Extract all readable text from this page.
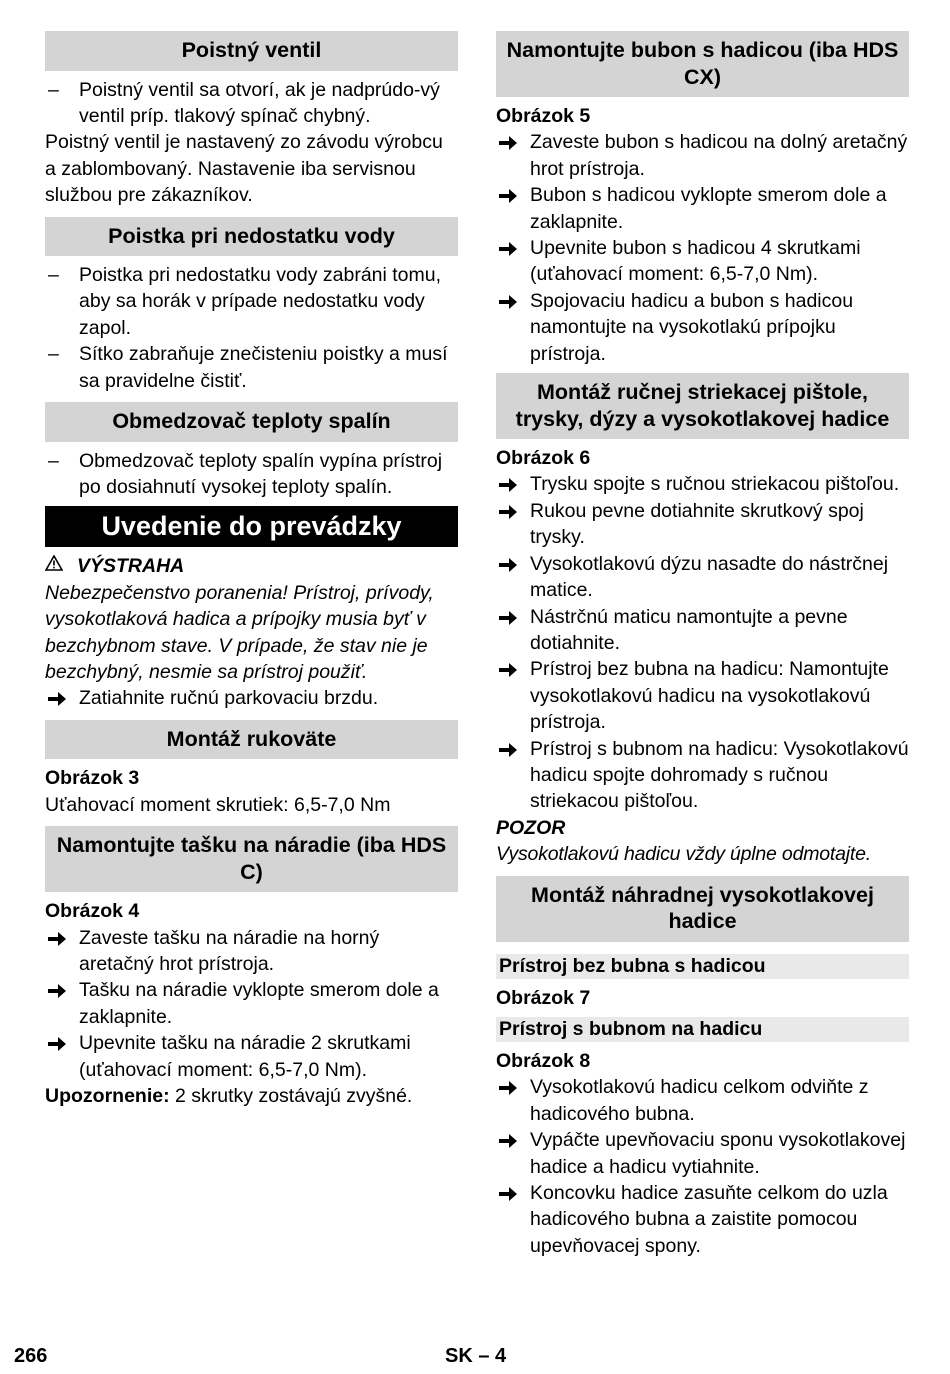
Poistný ventil
–	Poistný ventil sa otvorí, ak je nadprúdo-vý ventil príp. tlakový spínač chybný.

Poistný ventil je nastavený zo závodu výrobcu a zablombovaný. Nastavenie iba servisnou službou pre zákazníkov.

Poistka pri nedostatku vody
–	Poistka pri nedostatku vody zabráni tomu, aby sa horák v prípade nedostatku vody zapol.
–	Sítko zabraňuje znečisteniu poistky a musí sa pravidelne čistiť.
Obmedzovač teploty spalín
–	Obmedzovač teploty spalín vypína prístroj po dosiahnutí vysokej teploty spalín.
Uvedenie do prevádzky
VÝSTRAHA

Nebezpečenstvo poranenia! Prístroj, prívody, vysokotlaková hadica a prípojky musia byť v bezchybnom stave. V prípade, že stav nie je bezchybný, nesmie sa prístroj použiť.

Zatiahnite ručnú parkovaciu brzdu.
Montáž rukoväte

Obrázok 3

Uťahovací moment skrutiek: 6,5-7,0 Nm

Namontujte tašku na náradie (iba HDS C)

Obrázok 4

Zaveste tašku na náradie na horný aretačný hrot prístroja.
Tašku na náradie vyklopte smerom dole a zaklapnite.
Upevnite tašku na náradie 2 skrutkami (uťahovací moment: 6,5-7,0 Nm).

Upozornenie: 2 skrutky zostávajú zvyšné.

Namontujte bubon s hadicou (iba HDS CX)

Obrázok 5

Zaveste bubon s hadicou na dolný aretačný hrot prístroja.
Bubon s hadicou vyklopte smerom dole a zaklapnite.
Upevnite bubon s hadicou 4 skrutkami (uťahovací moment: 6,5-7,0 Nm).
Spojovaciu hadicu a bubon s hadicou namontujte na vysokotlakú prípojku prístroja.
Montáž ručnej striekacej pištole, trysky, dýzy a vysokotlakovej hadice

Obrázok 6

Trysku spojte s ručnou striekacou pištoľou.
Rukou pevne dotiahnite skrutkový spoj trysky.
Vysokotlakovú dýzu nasadte do nástrčnej matice.
Nástrčnú maticu namontujte a pevne dotiahnite.
Prístroj bez bubna na hadicu: Namontujte vysokotlakovú hadicu na vysokotlakovú prístroja.
Prístroj s bubnom na hadicu: Vysokotlakovú hadicu spojte dohromady s ručnou striekacou pištoľou.

POZOR

Vysokotlakovú hadicu vždy úplne odmotajte.

Montáž náhradnej vysokotlakovej hadice
Prístroj bez bubna s hadicou

Obrázok 7

Prístroj s bubnom na hadicu

Obrázok 8

Vysokotlakovú hadicu celkom odviňte z hadicového bubna.
Vypáčte upevňovaciu sponu vysokotlakovej hadice a hadicu vytiahnite.
Koncovku hadice zasuňte celkom do uzla hadicového bubna a zaistite pomocou upevňovacej spony.
266	SK – 4
